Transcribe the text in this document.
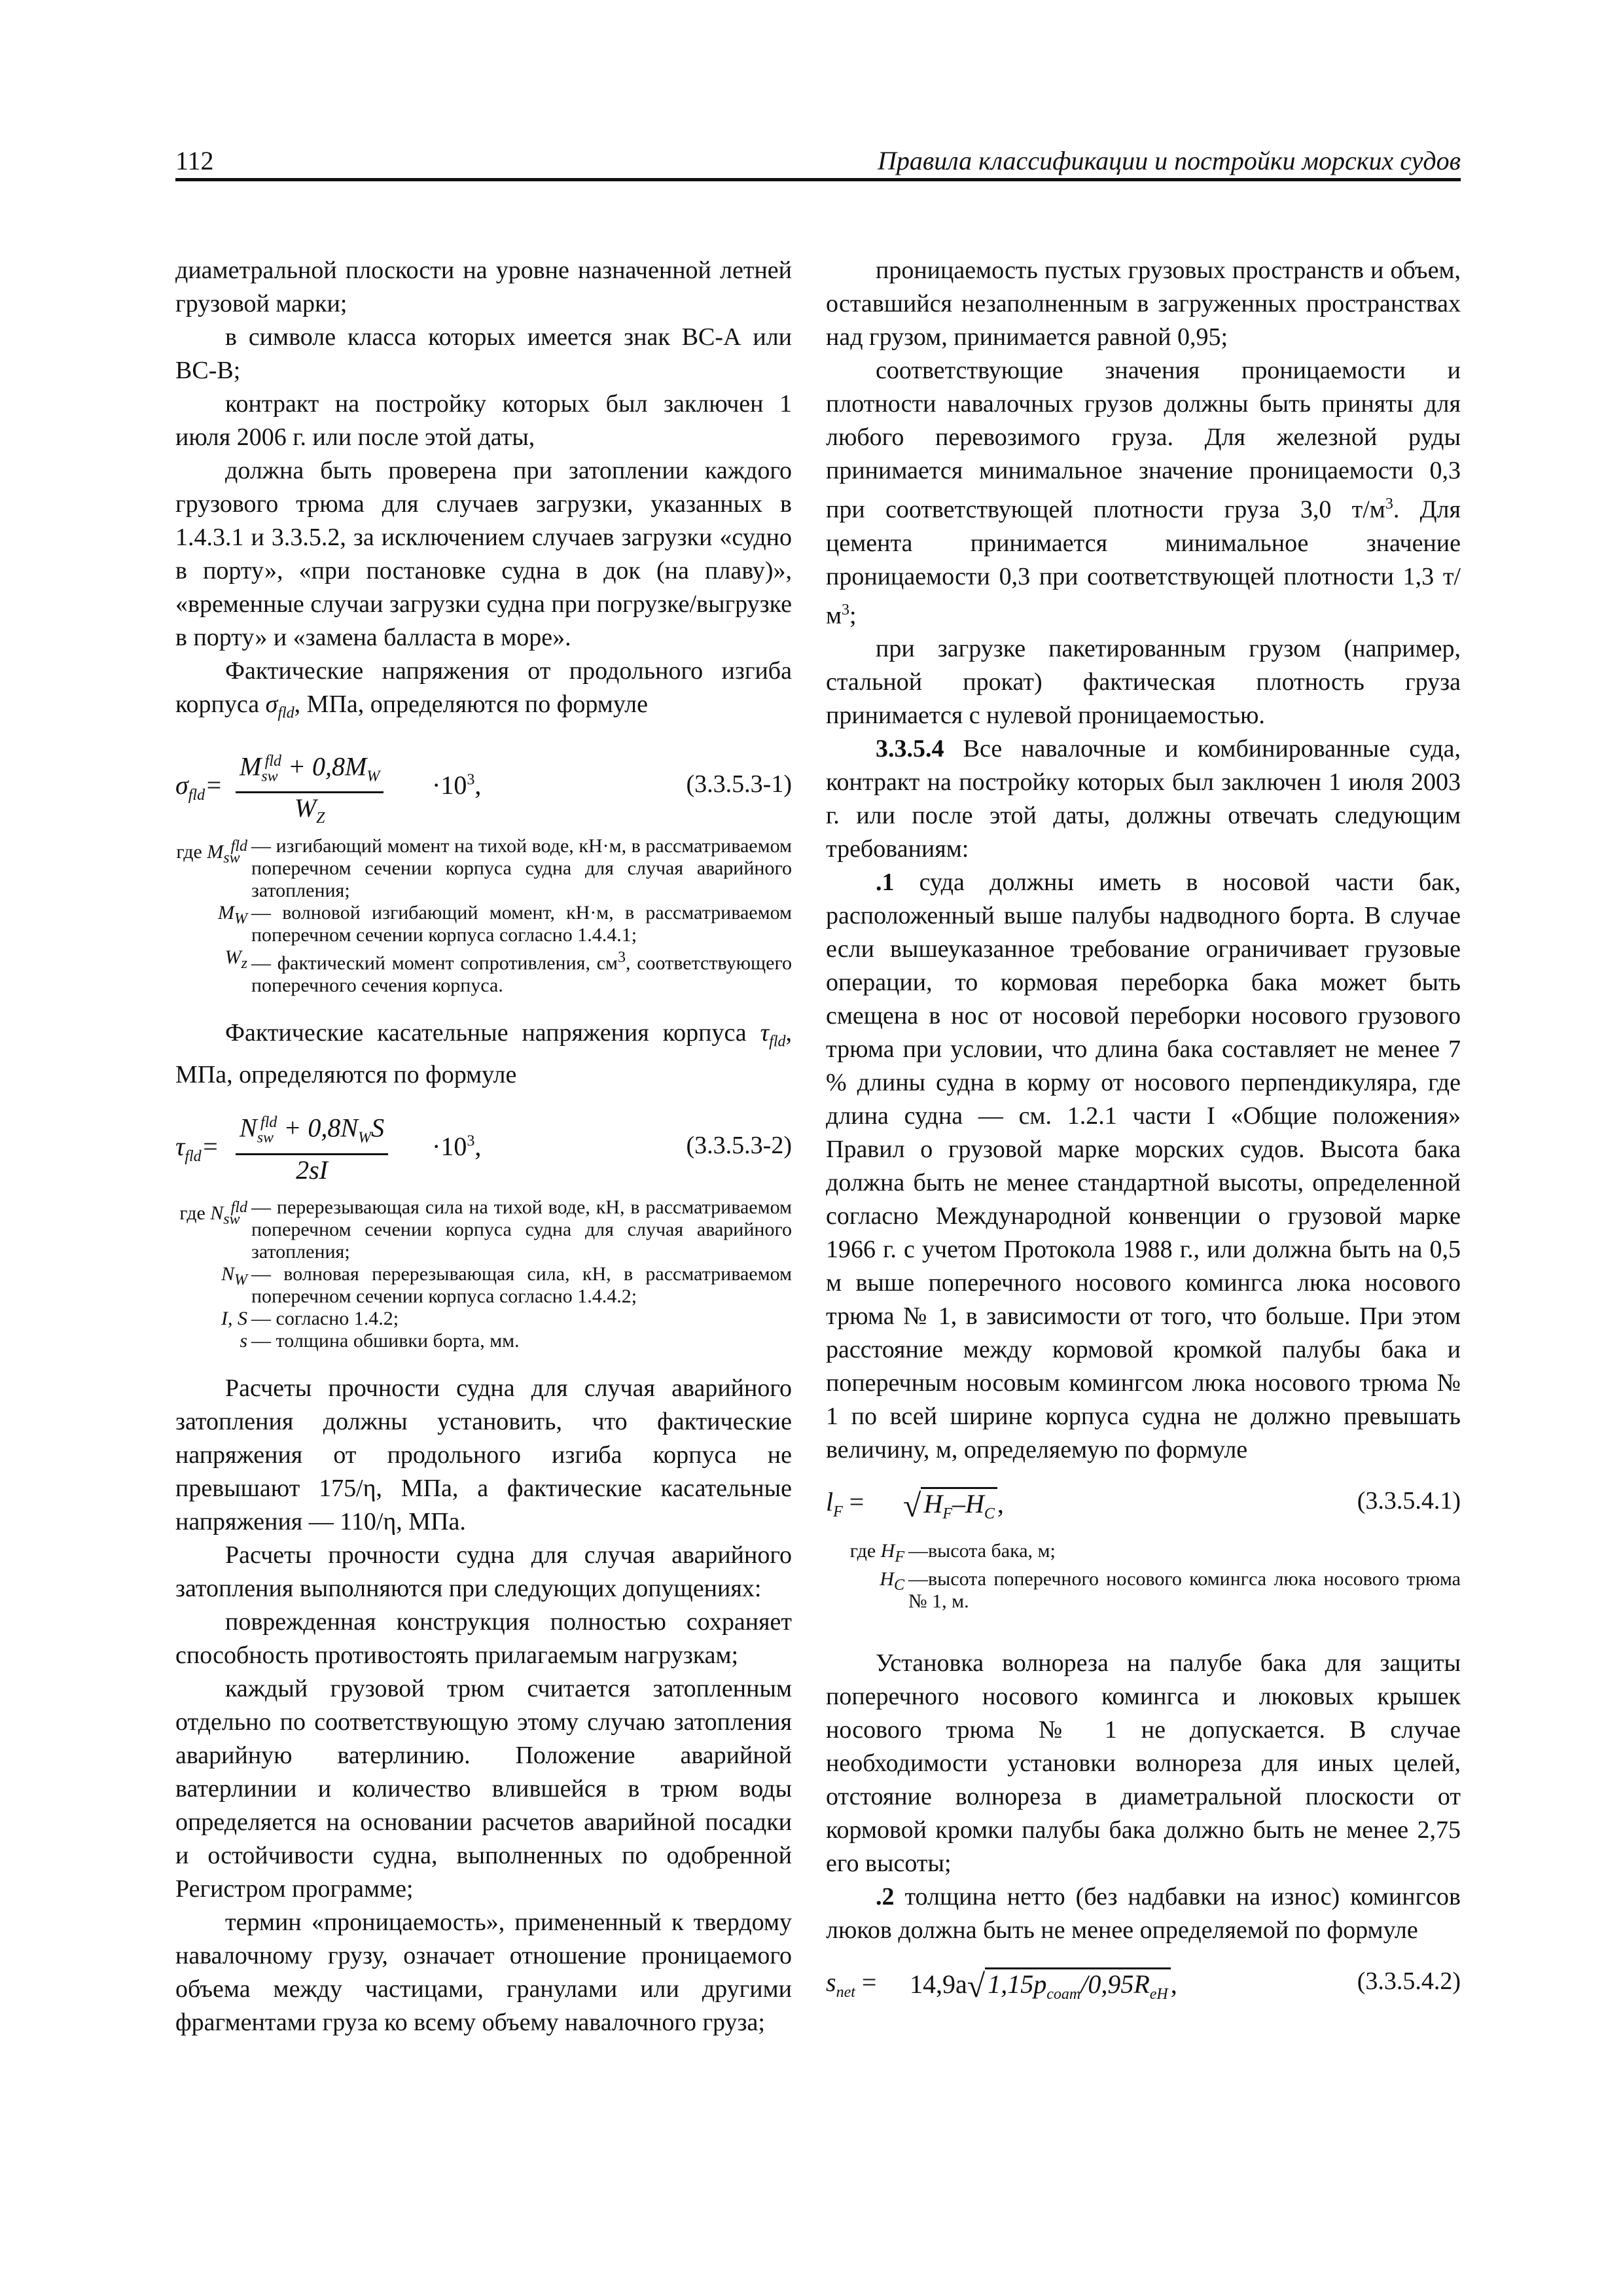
112	Правила классификации и постройки морских судов

диаметральной плоскости на уровне назначенной летней грузовой марки;

в символе класса которых имеется знак ВС-А или ВС-В;

контракт на постройку которых был заключен 1 июля 2006 г. или после этой даты,

должна быть проверена при затоплении каждого грузового трюма для случаев загрузки, указанных в 1.4.3.1 и 3.3.5.2, за исключением случаев загрузки «судно в порту», «при постановке судна в док (на плаву)», «временные случаи загрузки судна при погрузке/выгрузке в порту» и «замена балласта в море».

Фактические напряжения от продольного изгиба корпуса $\sigma_{fld}$, МПа, определяются по формуле

$\sigma_{fld}=$
$M_{sw}^{fld} + 0,8M_W$
$W_Z$
$\cdot 10^3$,	(3.3.5.3-1)
где $M_{sw}^{fld}$ — изгибающий момент на тихой воде, кН·м, в рассматриваемом поперечном сечении корпуса судна для случая аварийного затопления;
$M_W$ — волновой изгибающий момент, кН·м, в рассматриваемом поперечном сечении корпуса согласно 1.4.4.1;
$W_z$ — фактический момент сопротивления, $см^3$, соответствующего поперечного сечения корпуса.

Фактические касательные напряжения корпуса $\tau_{fld}$, МПа, определяются по формуле

$\tau_{fld}=$
$N_{sw}^{fld} + 0,8N_WS$
2sI
$\cdot 10^3$,	(3.3.5.3-2)
где $N_{sw}^{fld}$ — перерезывающая сила на тихой воде, кН, в рассматриваемом поперечном сечении корпуса судна для случая аварийного затопления;
$N_W$ — волновая перерезывающая сила, кН, в рассматриваемом поперечном сечении корпуса согласно 1.4.4.2;
I, S — согласно 1.4.2;
s — толщина обшивки борта, мм.

Расчеты прочности судна для случая аварийного затопления должны установить, что фактические напряжения от продольного изгиба корпуса не превышают 175/η, МПа, а фактические касательные напряжения — 110/η, МПа.

Расчеты прочности судна для случая аварийного затопления выполняются при следующих допущениях:

поврежденная конструкция полностью сохраняет способность противостоять прилагаемым нагрузкам;

каждый грузовой трюм считается затопленным отдельно по соответствующую этому случаю затопления аварийную ватерлинию. Положение аварийной ватерлинии и количество влившейся в трюм воды определяется на основании расчетов аварийной посадки и остойчивости судна, выполненных по одобренной Регистром программе;

термин «проницаемость», примененный к твердому навалочному грузу, означает отношение проницаемого объема между частицами, гранулами или другими фрагментами груза ко всему объему навалочного груза;

проницаемость пустых грузовых пространств и объем, оставшийся незаполненным в загруженных пространствах над грузом, принимается равной 0,95;

соответствующие значения проницаемости и плотности навалочных грузов должны быть приняты для любого перевозимого груза. Для железной руды принимается минимальное значение проницаемости 0,3 при соответствующей плотности груза 3,0 $т/м^3$. Для цемента принимается минимальное значение проницаемости 0,3 при соответствующей плотности 1,3 $т/м^3$;

при загрузке пакетированным грузом (например, стальной прокат) фактическая плотность груза принимается с нулевой проницаемостью.

3.3.5.4 Все навалочные и комбинированные суда, контракт на постройку которых был заключен 1 июля 2003 г. или после этой даты, должны отвечать следующим требованиям:

.1 суда должны иметь в носовой части бак, расположенный выше палубы надводного борта. В случае если вышеуказанное требование ограничивает грузовые операции, то кормовая переборка бака может быть смещена в нос от носовой переборки носового грузового трюма при условии, что длина бака составляет не менее 7 % длины судна в корму от носового перпендикуляра, где длина судна — см. 1.2.1 части I «Общие положения» Правил о грузовой марке морских судов. Высота бака должна быть не менее стандартной высоты, определенной согласно Международной конвенции о грузовой марке 1966 г. с учетом Протокола 1988 г., или должна быть на 0,5 м выше поперечного носового комингса люка носового трюма № 1, в зависимости от того, что больше. При этом расстояние между кормовой кромкой палубы бака и поперечным носовым комингсом люка носового трюма № 1 по всей ширине корпуса судна не должно превышать величину, м, определяемую по формуле

$l_F$ = √ $H_F-H_C$ ,	(3.3.5.4.1)
где $H_F$ —высота бака, м;
$H_C$ —высота поперечного носового комингса люка носового трюма № 1, м.

Установка волнореза на палубе бака для защиты поперечного носового комингса и люковых крышек носового трюма № 1 не допускается. В случае необходимости установки волнореза для иных целей, отстояние волнореза в диаметральной плоскости от кормовой кромки палубы бака должно быть не менее 2,75 его высоты;

.2 толщина нетто (без надбавки на износ) комингсов люков должна быть не менее определяемой по формуле

$s_{net} = 14,9a√$ $1,15p_{coam}/0,95R_{eH}$ ,	(3.3.5.4.2)
